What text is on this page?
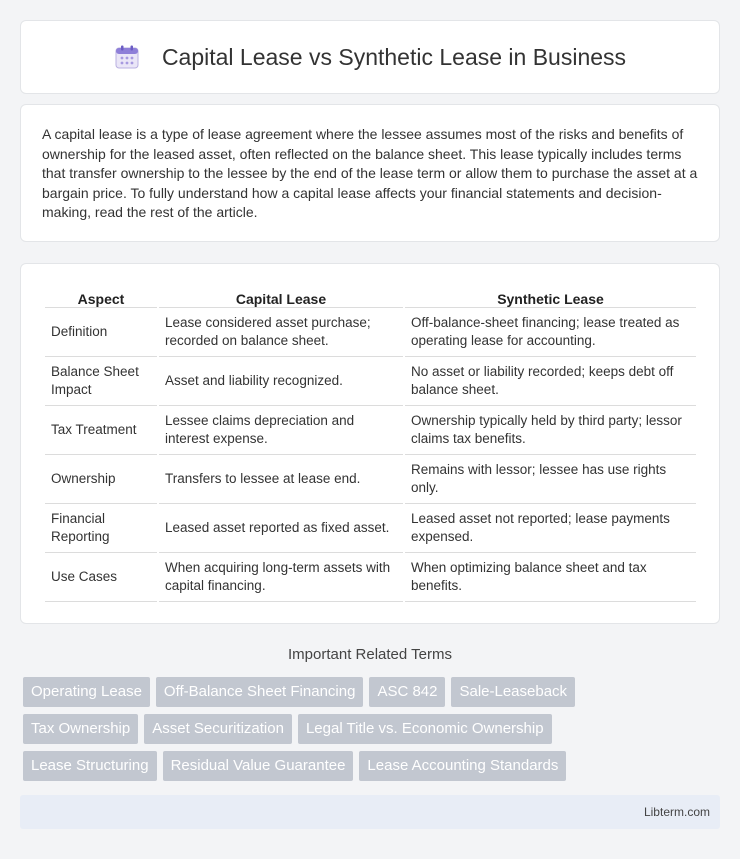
Capital Lease vs Synthetic Lease in Business

A capital lease is a type of lease agreement where the lessee assumes most of the risks and benefits of ownership for the leased asset, often reflected on the balance sheet. This lease typically includes terms that transfer ownership to the lessee by the end of the lease term or allow them to purchase the asset at a bargain price. To fully understand how a capital lease affects your financial statements and decision-making, read the rest of the article.

Aspect	Capital Lease	Synthetic Lease
Definition	Lease considered asset purchase; recorded on balance sheet.	Off-balance-sheet financing; lease treated as operating lease for accounting.
Balance Sheet Impact	Asset and liability recognized.	No asset or liability recorded; keeps debt off balance sheet.
Tax Treatment	Lessee claims depreciation and interest expense.	Ownership typically held by third party; lessor claims tax benefits.
Ownership	Transfers to lessee at lease end.	Remains with lessor; lessee has use rights only.
Financial Reporting	Leased asset reported as fixed asset.	Leased asset not reported; lease payments expensed.
Use Cases	When acquiring long-term assets with capital financing.	When optimizing balance sheet and tax benefits.
Important Related Terms
Operating Lease	Off-Balance Sheet Financing	ASC 842	Sale-Leaseback
Tax Ownership	Asset Securitization	Legal Title vs. Economic Ownership
Lease Structuring	Residual Value Guarantee	Lease Accounting Standards
Libterm.com
